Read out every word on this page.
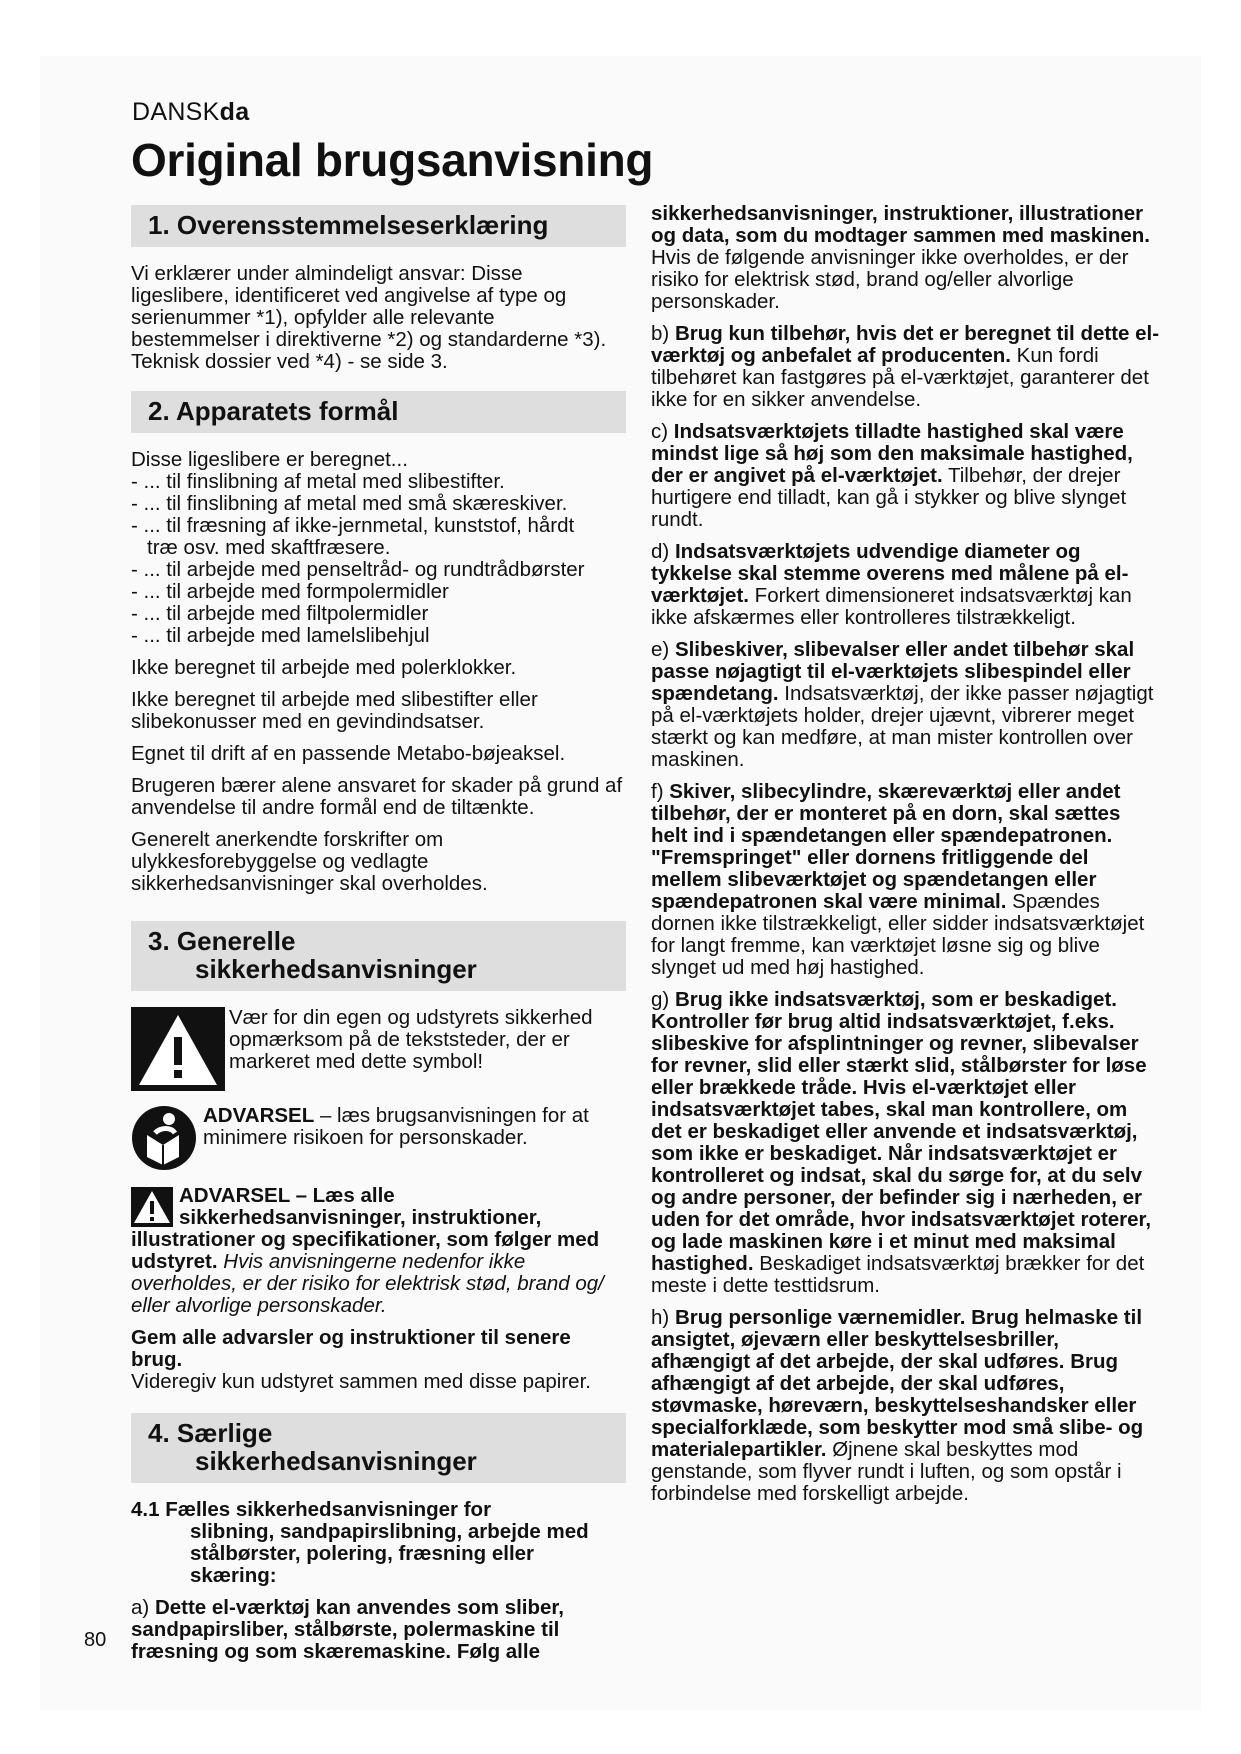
DANSKda
Original brugsanvisning
1. Overensstemmelseserklæring

Vi erklærer under almindeligt ansvar: Disse ligeslibere, identificeret ved angivelse af type og serienummer *1), opfylder alle relevante bestemmelser i direktiverne *2) og standarderne *3). Teknisk dossier ved *4) - se side 3.

2. Apparatets formål

Disse ligeslibere er beregnet...

- ... til finslibning af metal med slibestifter.
- ... til finslibning af metal med små skæreskiver.
- ... til fræsning af ikke-jernmetal, kunststof, hårdt
træ osv. med skaftfræsere.
- ... til arbejde med penseltråd- og rundtrådbørster
- ... til arbejde med formpolermidler
- ... til arbejde med filtpolermidler
- ... til arbejde med lamelslibehjul

Ikke beregnet til arbejde med polerklokker.

Ikke beregnet til arbejde med slibestifter eller slibekonusser med en gevindindsatser.

Egnet til drift af en passende Metabo-bøjeaksel.

Brugeren bærer alene ansvaret for skader på grund af anvendelse til andre formål end de tiltænkte.

Generelt anerkendte forskrifter om ulykkesforebyggelse og vedlagte sikkerhedsanvisninger skal overholdes.

3. Generelle
sikkerhedsanvisninger

Vær for din egen og udstyrets sikkerhed opmærksom på de tekststeder, der er markeret med dette symbol!

ADVARSEL – læs brugsanvisningen for at minimere risikoen for personskader.

ADVARSEL – Læs alle sikkerhedsanvisninger, instruktioner, illustrationer og specifikationer, som følger med udstyret. Hvis anvisningerne nedenfor ikke overholdes, er der risiko for elektrisk stød, brand og/ eller alvorlige personskader.

Gem alle advarsler og instruktioner til senere brug.

Videregiv kun udstyret sammen med disse papirer.

4. Særlige
sikkerhedsanvisninger
4.1 Fælles sikkerhedsanvisninger for
slibning, sandpapirslibning, arbejde med stålbørster, polering, fræsning eller skæring:

a) Dette el-værktøj kan anvendes som sliber, sandpapirsliber, stålbørste, polermaskine til fræsning og som skæremaskine. Følg alle

sikkerhedsanvisninger, instruktioner, illustrationer og data, som du modtager sammen med maskinen. Hvis de følgende anvisninger ikke overholdes, er der risiko for elektrisk stød, brand og/eller alvorlige personskader.

b) Brug kun tilbehør, hvis det er beregnet til dette el-værktøj og anbefalet af producenten. Kun fordi tilbehøret kan fastgøres på el-værktøjet, garanterer det ikke for en sikker anvendelse.

c) Indsatsværktøjets tilladte hastighed skal være mindst lige så høj som den maksimale hastighed, der er angivet på el-værktøjet. Tilbehør, der drejer hurtigere end tilladt, kan gå i stykker og blive slynget rundt.

d) Indsatsværktøjets udvendige diameter og tykkelse skal stemme overens med målene på el-værktøjet. Forkert dimensioneret indsatsværktøj kan ikke afskærmes eller kontrolleres tilstrækkeligt.

e) Slibeskiver, slibevalser eller andet tilbehør skal passe nøjagtigt til el-værktøjets slibespindel eller spændetang. Indsatsværktøj, der ikke passer nøjagtigt på el-værktøjets holder, drejer ujævnt, vibrerer meget stærkt og kan medføre, at man mister kontrollen over maskinen.

f) Skiver, slibecylindre, skæreværktøj eller andet tilbehør, der er monteret på en dorn, skal sættes helt ind i spændetangen eller spændepatronen. "Fremspringet" eller dornens fritliggende del mellem slibeværktøjet og spændetangen eller spændepatronen skal være minimal. Spændes dornen ikke tilstrækkeligt, eller sidder indsatsværktøjet for langt fremme, kan værktøjet løsne sig og blive slynget ud med høj hastighed.

g) Brug ikke indsatsværktøj, som er beskadiget. Kontroller før brug altid indsatsværktøjet, f.eks. slibeskive for afsplintninger og revner, slibevalser for revner, slid eller stærkt slid, stålbørster for løse eller brækkede tråde. Hvis el-værktøjet eller indsatsværktøjet tabes, skal man kontrollere, om det er beskadiget eller anvende et indsatsværktøj, som ikke er beskadiget. Når indsatsværktøjet er kontrolleret og indsat, skal du sørge for, at du selv og andre personer, der befinder sig i nærheden, er uden for det område, hvor indsatsværktøjet roterer, og lade maskinen køre i et minut med maksimal hastighed. Beskadiget indsatsværktøj brækker for det meste i dette testtidsrum.

h) Brug personlige værnemidler. Brug helmaske til ansigtet, øjeværn eller beskyttelsesbriller, afhængigt af det arbejde, der skal udføres. Brug afhængigt af det arbejde, der skal udføres, støvmaske, høreværn, beskyttelseshandsker eller specialforklæde, som beskytter mod små slibe- og materialepartikler. Øjnene skal beskyttes mod genstande, som flyver rundt i luften, og som opstår i forbindelse med forskelligt arbejde.

80
